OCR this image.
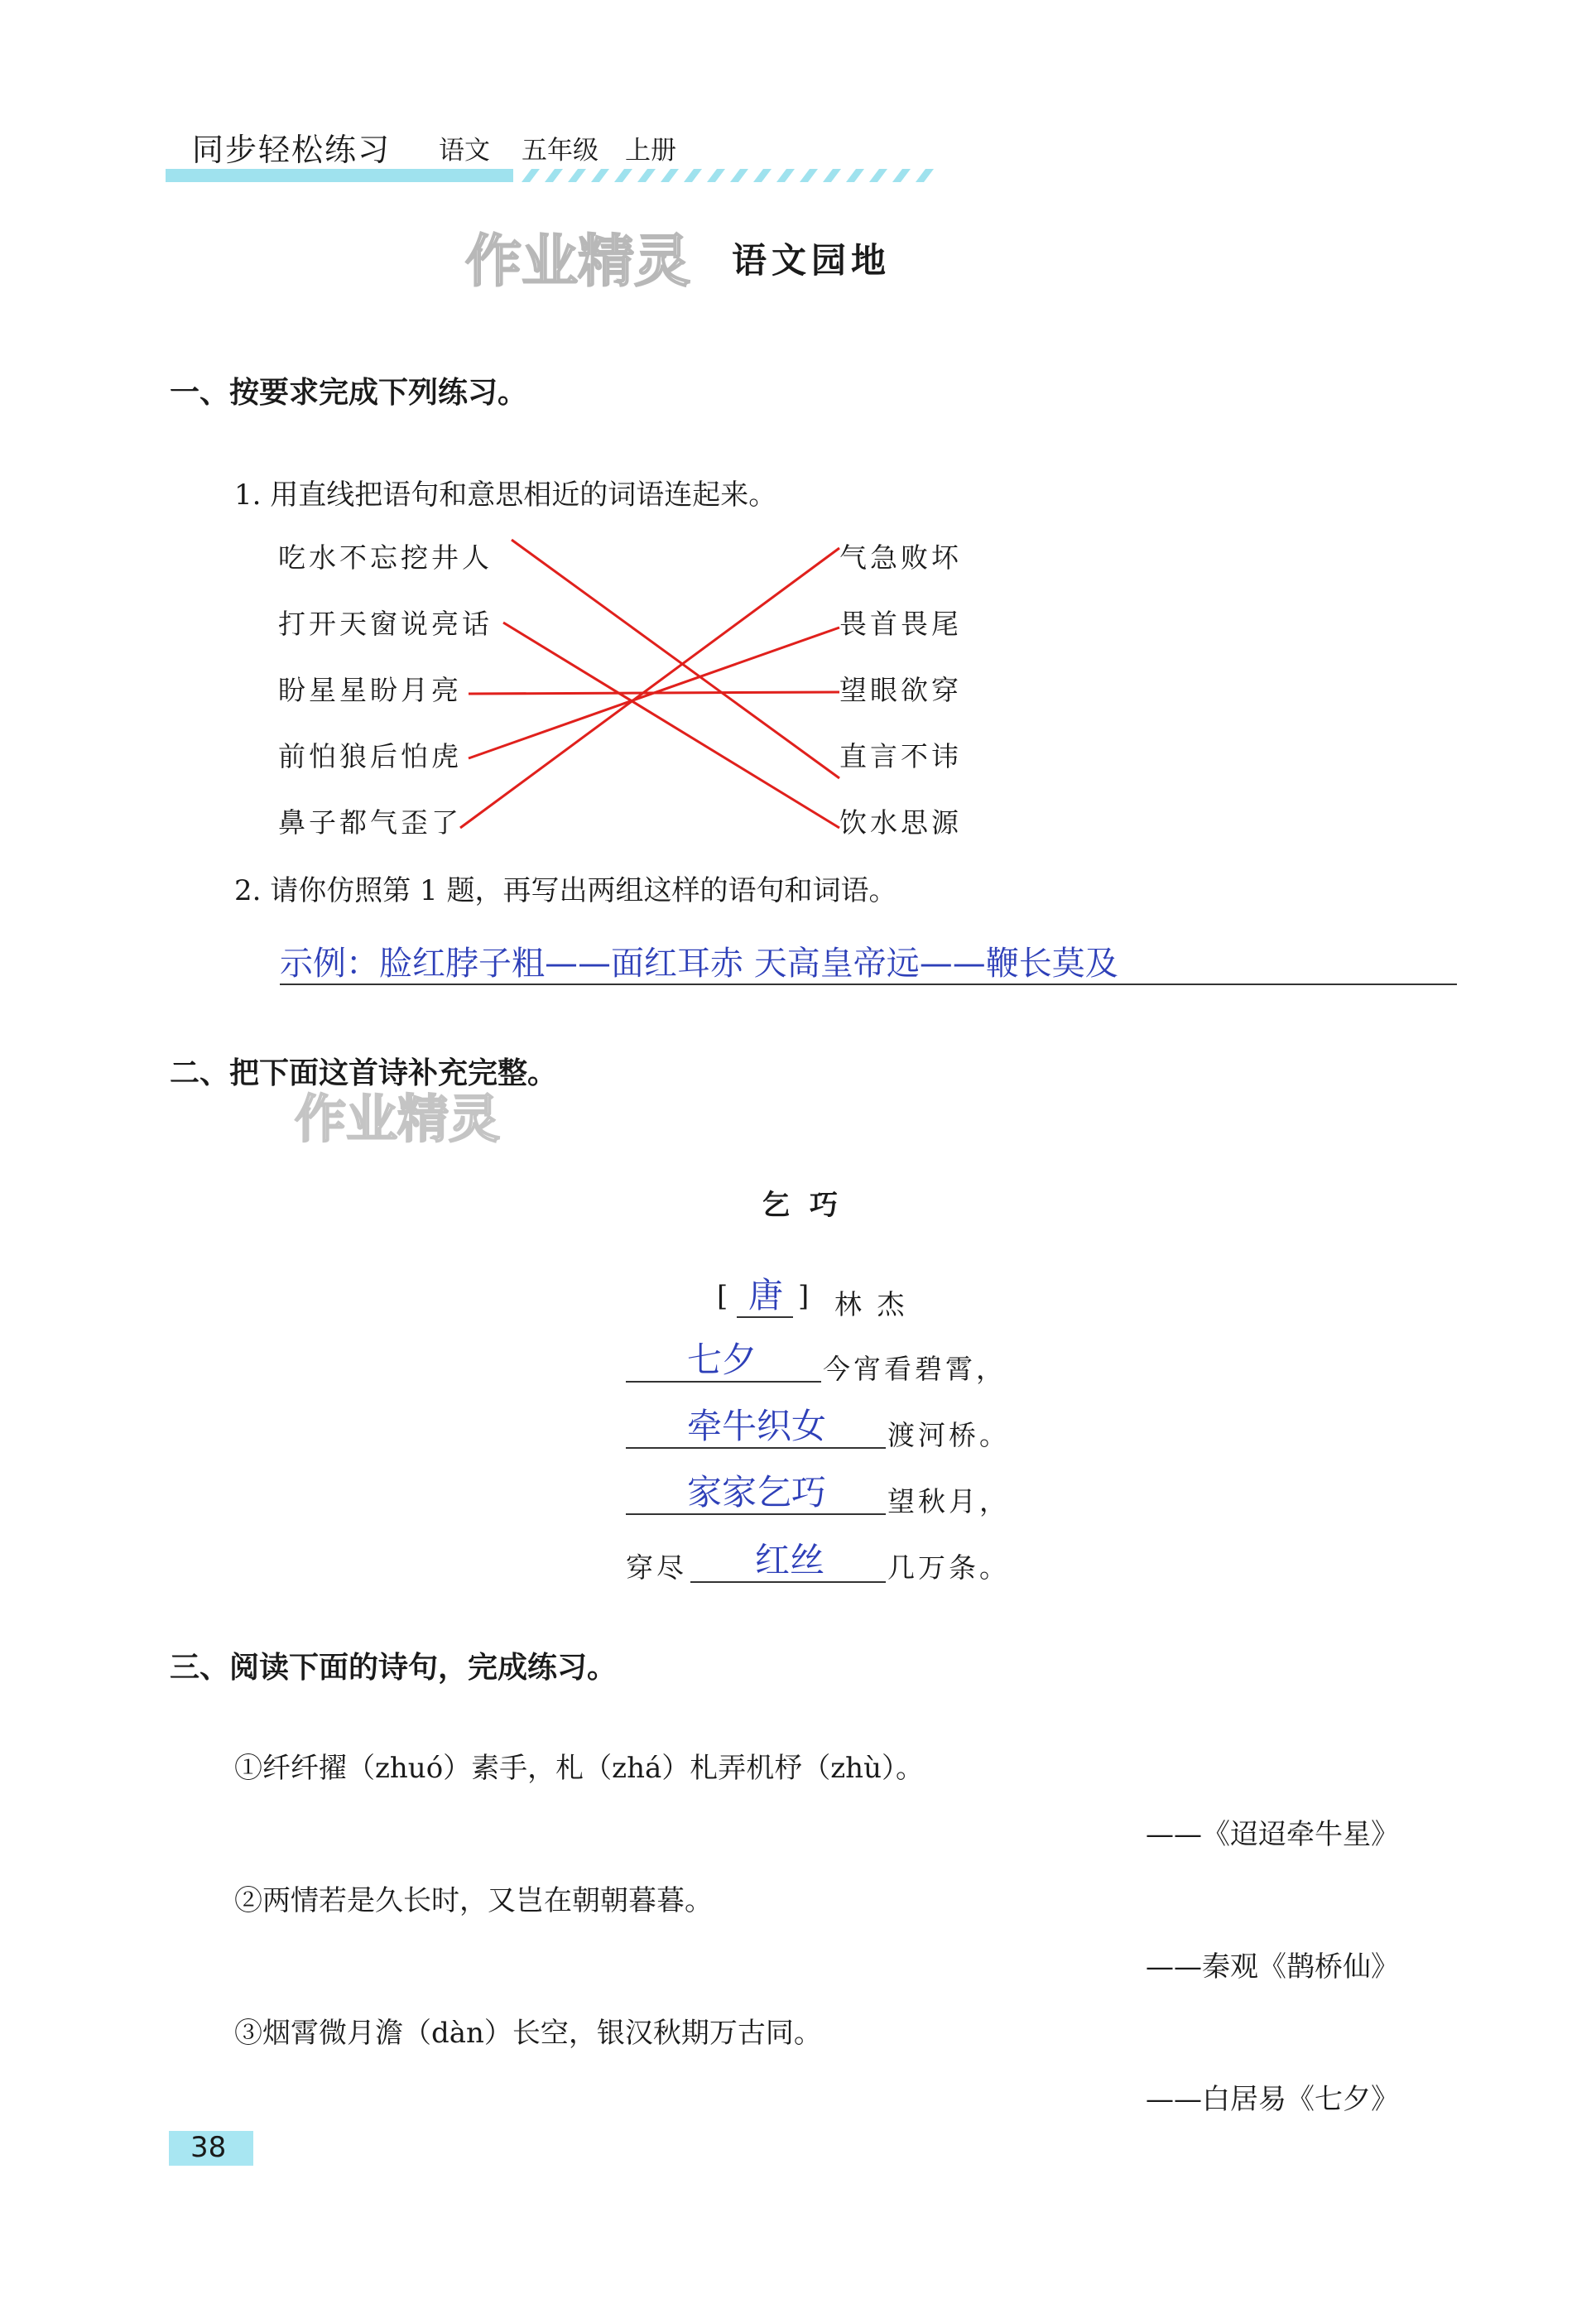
同步轻松练习 语文 五年级 上册
作业精灵 语文园地
一、按要求完成下列练习。
1. 用直线把语句和意思相近的词语连起来。
吃水不忘挖井人
打开天窗说亮话
盼星星盼月亮
前怕狼后怕虎
鼻子都气歪了
气急败坏
畏首畏尾
望眼欲穿
直言不讳
饮水思源
2. 请你仿照第 1 题，再写出两组这样的语句和词语。
示例：脸红脖子粗——面红耳赤 天高皇帝远——鞭长莫及
二、把下面这首诗补充完整。
作业精灵
乞巧
[ 唐 ] 林 杰
七夕 今宵看碧霄，
牵牛织女 渡河桥。
家家乞巧 望秋月，
穿尽 红丝 几万条。
三、阅读下面的诗句，完成练习。
①纤纤擢（zhuó）素手，札（zhá）札弄机杼（zhù）。
——《迢迢牵牛星》
②两情若是久长时，又岂在朝朝暮暮。
——秦观《鹊桥仙》
③烟霄微月澹（dàn）长空，银汉秋期万古同。
——白居易《七夕》
38
